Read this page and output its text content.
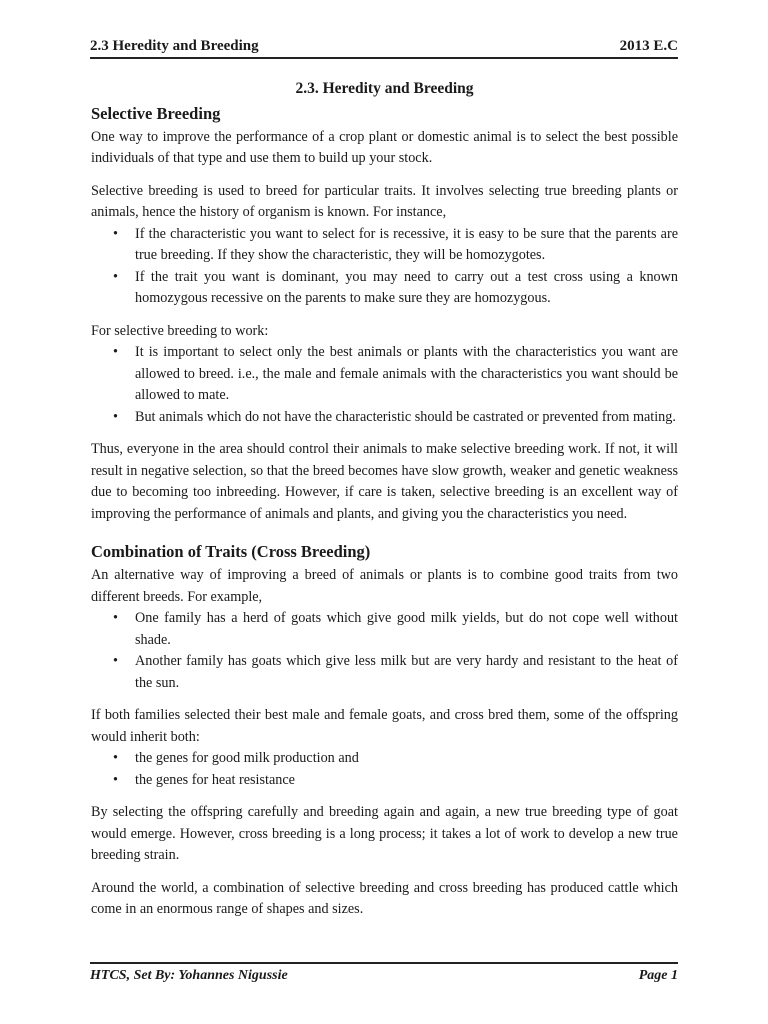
2.3 Heredity and Breeding	2013 E.C
2.3. Heredity and Breeding
Selective Breeding

One way to improve the performance of a crop plant or domestic animal is to select the best possible individuals of that type and use them to build up your stock.

Selective breeding is used to breed for particular traits. It involves selecting true breeding plants or animals, hence the history of organism is known. For instance,

• If the characteristic you want to select for is recessive, it is easy to be sure that the parents are true breeding. If they show the characteristic, they will be homozygotes.
• If the trait you want is dominant, you may need to carry out a test cross using a known homozygous recessive on the parents to make sure they are homozygous.

For selective breeding to work:

• It is important to select only the best animals or plants with the characteristics you want are allowed to breed. i.e., the male and female animals with the characteristics you want should be allowed to mate.
• But animals which do not have the characteristic should be castrated or prevented from mating.

Thus, everyone in the area should control their animals to make selective breeding work. If not, it will result in negative selection, so that the breed becomes have slow growth, weaker and genetic weakness due to becoming too inbreeding. However, if care is taken, selective breeding is an excellent way of improving the performance of animals and plants, and giving you the characteristics you need.

Combination of Traits (Cross Breeding)

An alternative way of improving a breed of animals or plants is to combine good traits from two different breeds. For example,

• One family has a herd of goats which give good milk yields, but do not cope well without shade.
• Another family has goats which give less milk but are very hardy and resistant to the heat of the sun.

If both families selected their best male and female goats, and cross bred them, some of the offspring would inherit both:

• the genes for good milk production and
• the genes for heat resistance

By selecting the offspring carefully and breeding again and again, a new true breeding type of goat would emerge. However, cross breeding is a long process; it takes a lot of work to develop a new true breeding strain.

Around the world, a combination of selective breeding and cross breeding has produced cattle which come in an enormous range of shapes and sizes.

HTCS, Set By: Yohannes Nigussie	Page 1
